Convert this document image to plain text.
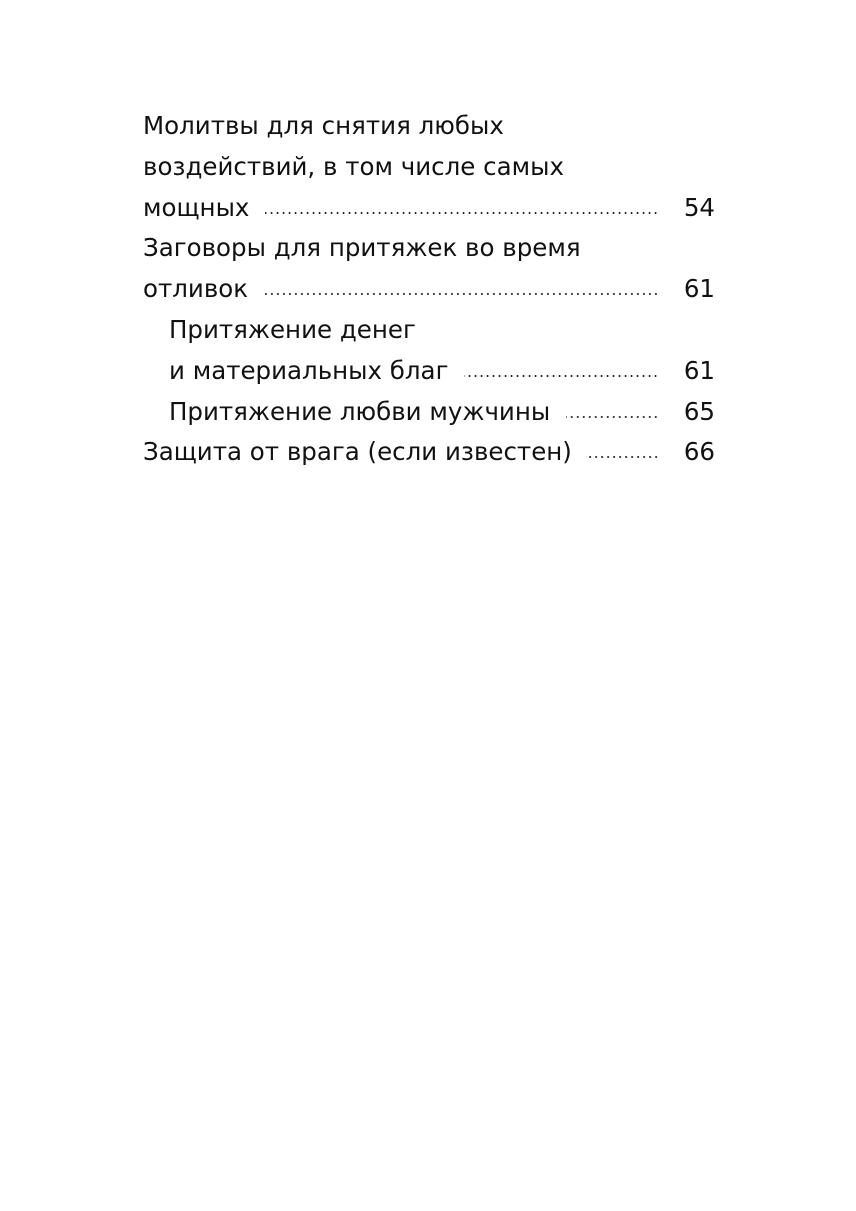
Молитвы для снятия любых
воздействий, в том числе самых
мощных	54
Заговоры для притяжек во время
отливок	61
Притяжение денег
и материальных благ	61
Притяжение любви мужчины	65
Защита от врага (если известен)	66
